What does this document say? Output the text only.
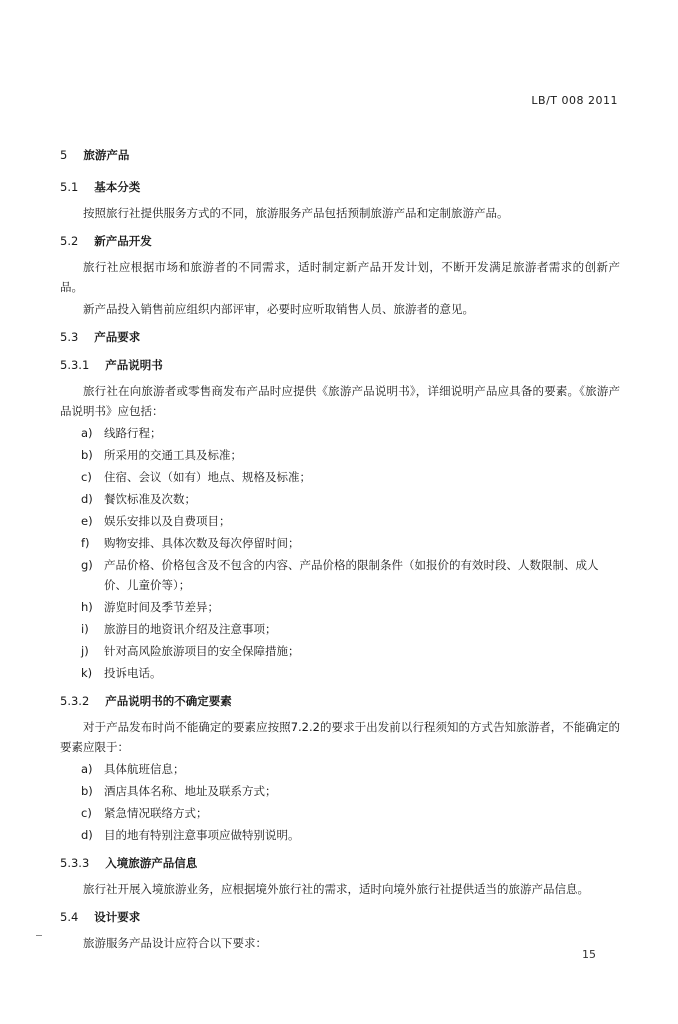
LB/T 008 2011
5 旅游产品
5.1 基本分类
按照旅行社提供服务方式的不同，旅游服务产品包括预制旅游产品和定制旅游产品。
5.2 新产品开发
旅行社应根据市场和旅游者的不同需求，适时制定新产品开发计划，不断开发满足旅游者需求的创新产品。
新产品投入销售前应组织内部评审，必要时应听取销售人员、旅游者的意见。
5.3 产品要求
5.3.1 产品说明书
旅行社在向旅游者或零售商发布产品时应提供《旅游产品说明书》，详细说明产品应具备的要素。《旅游产品说明书》应包括：
a) 线路行程；
b) 所采用的交通工具及标准；
c) 住宿、会议（如有）地点、规格及标准；
d) 餐饮标准及次数；
e) 娱乐安排以及自费项目；
f) 购物安排、具体次数及每次停留时间；
g) 产品价格、价格包含及不包含的内容、产品价格的限制条件（如报价的有效时段、人数限制、成人价、儿童价等）；
h) 游览时间及季节差异；
i) 旅游目的地资讯介绍及注意事项；
j) 针对高风险旅游项目的安全保障措施；
k) 投诉电话。
5.3.2 产品说明书的不确定要素
对于产品发布时尚不能确定的要素应按照7.2.2的要求于出发前以行程须知的方式告知旅游者，不能确定的要素应限于：
a) 具体航班信息；
b) 酒店具体名称、地址及联系方式；
c) 紧急情况联络方式；
d) 目的地有特别注意事项应做特别说明。
5.3.3 入境旅游产品信息
旅行社开展入境旅游业务，应根据境外旅行社的需求，适时向境外旅行社提供适当的旅游产品信息。
5.4 设计要求
旅游服务产品设计应符合以下要求：
15
